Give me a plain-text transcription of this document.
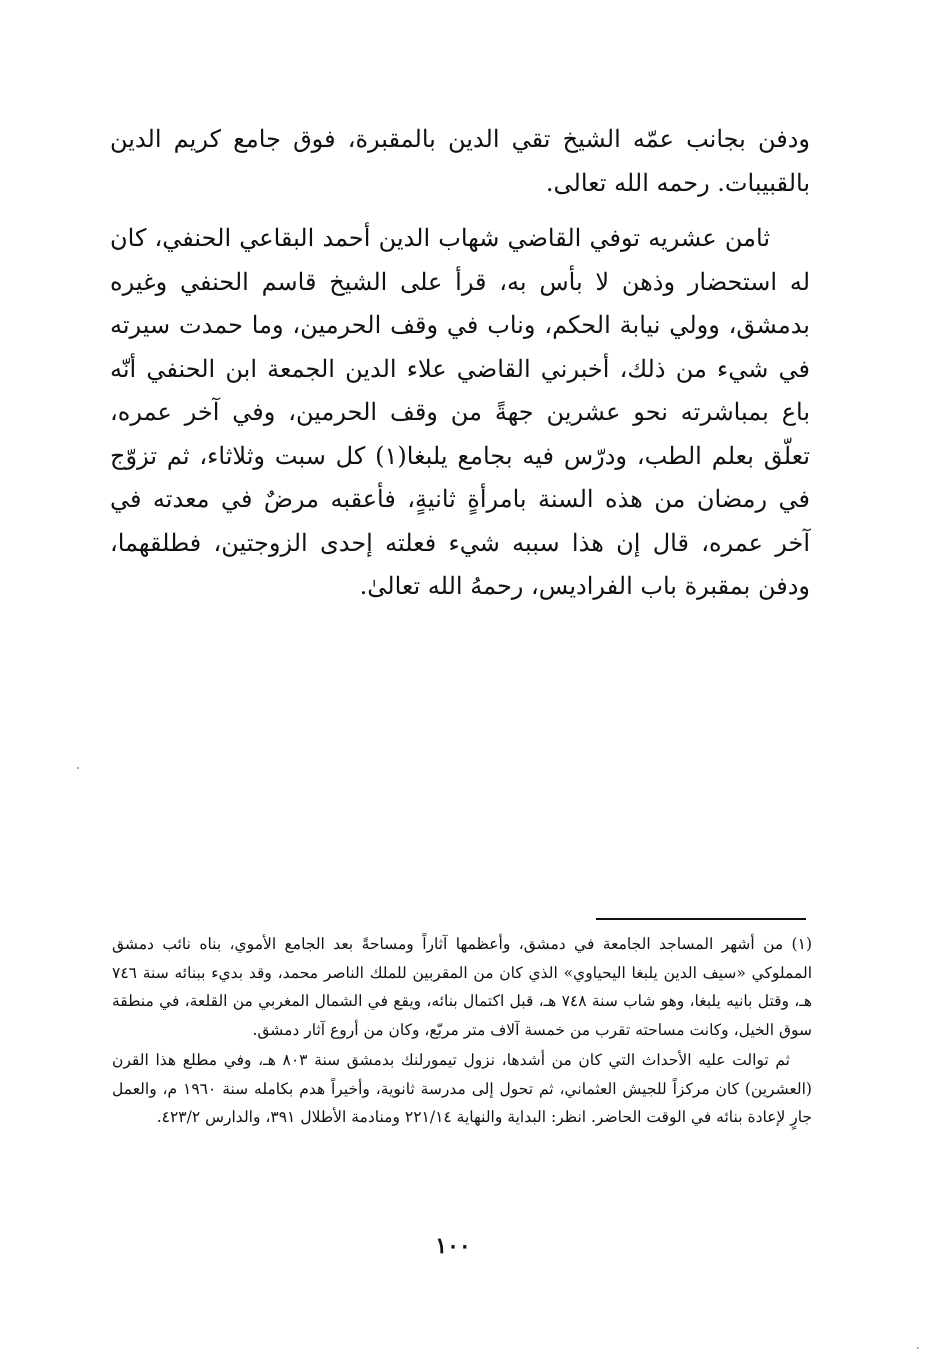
ودفن بجانب عمّه الشيخ تقي الدين بالمقبرة، فوق جامع كريم الدين بالقبيبات. رحمه الله تعالى.

ثامن عشريه توفي القاضي شهاب الدين أحمد البقاعي الحنفي، كان له استحضار وذهن لا بأس به، قرأ على الشيخ قاسم الحنفي وغيره بدمشق، وولي نيابة الحكم، وناب في وقف الحرمين، وما حمدت سيرته في شيء من ذلك، أخبرني القاضي علاء الدين الجمعة ابن الحنفي أنّه باع بمباشرته نحو عشرين جهةً من وقف الحرمين، وفي آخر عمره، تعلّق بعلم الطب، ودرّس فيه بجامع يلبغا(١) كل سبت وثلاثاء، ثم تزوّج في رمضان من هذه السنة بامرأةٍ ثانيةٍ، فأعقبه مرضٌ في معدته في آخر عمره، قال إن هذا سببه شيء فعلته إحدى الزوجتين، فطلقهما، ودفن بمقبرة باب الفراديس، رحمهُ الله تعالىٰ.

(١) من أشهر المساجد الجامعة في دمشق، وأعظمها آثاراً ومساحةً بعد الجامع الأموي، بناه نائب دمشق المملوكي «سيف الدين يلبغا اليحياوي» الذي كان من المقربين للملك الناصر محمد، وقد بديء ببنائه سنة ٧٤٦ هـ، وقتل بانيه يلبغا، وهو شاب سنة ٧٤٨ هـ، قبل اكتمال بنائه، ويقع في الشمال المغربي من القلعة، في منطقة سوق الخيل، وكانت مساحته تقرب من خمسة آلاف متر مربّع، وكان من أروع آثار دمشق.

ثم توالت عليه الأحداث التي كان من أشدها، نزول تيمورلنك بدمشق سنة ٨٠٣ هـ، وفي مطلع هذا القرن (العشرين) كان مركزاً للجيش العثماني، ثم تحول إلى مدرسة ثانوية، وأخيراً هدم بكامله سنة ١٩٦٠ م، والعمل جارٍ لإعادة بنائه في الوقت الحاضر. انظر: البداية والنهاية ٢٢١/١٤ ومنادمة الأطلال ٣٩١، والدارس ٤٢٣/٢.

١٠٠
